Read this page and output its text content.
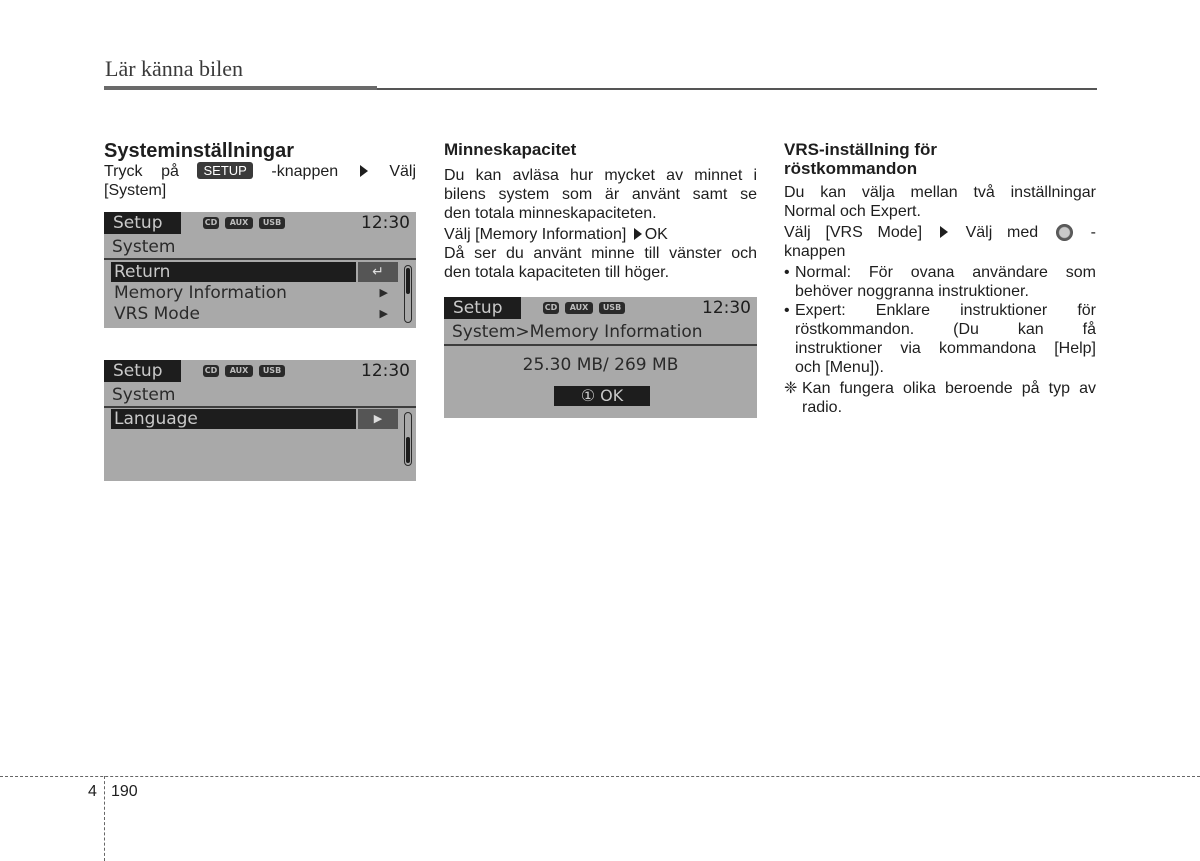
Lär känna bilen

Systeminställningar

Tryck på SETUP -knappen	Välj

[System]

Setup	CD	AUX	USB	12:30
System
Return	↵
Memory Information	▶
VRS Mode	▶
Setup	CD	AUX	USB	12:30
System
Language	▶

Minneskapacitet

Du kan avläsa hur mycket av minnet i

bilens system som är använt samt se

den totala minneskapaciteten.

Välj [Memory Information] OK

Då ser du använt minne till vänster och

den totala kapaciteten till höger.

Setup	CD	AUX	USB	12:30
System>Memory Information
25.30 MB/ 269 MB
① OK

VRS-inställning för

röstkommandon

Du kan välja mellan två inställningar

Normal och Expert.

Välj [VRS Mode]	Välj med	-

knappen

• Normal: För ovana användare som
behöver noggranna instruktioner.
• Expert: Enklare instruktioner för
röstkommandon. (Du kan få
instruktioner via kommandona [Help]
och [Menu]).
❈ Kan fungera olika beroende på typ av
radio.
4 190
